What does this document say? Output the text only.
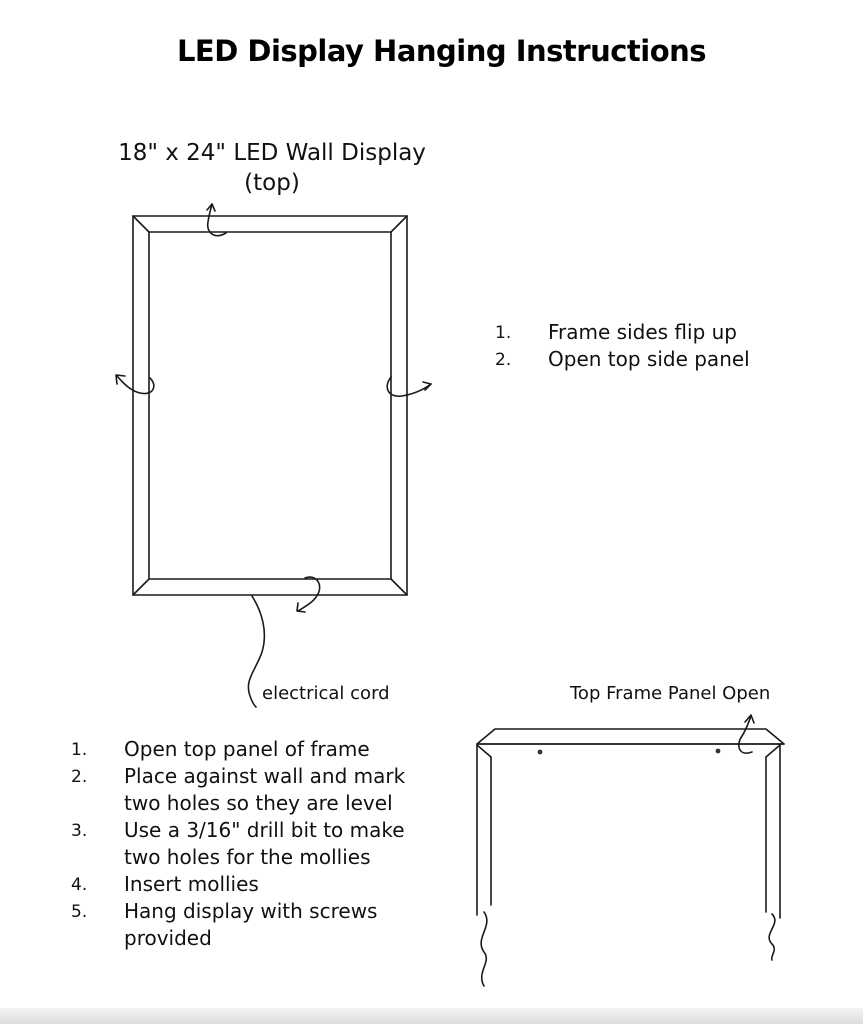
LED Display Hanging Instructions
18" x 24" LED Wall Display
(top)
electrical cord	Top Frame Panel Open
1. Frame sides flip up
2. Open top side panel
1. Open top panel of frame
2. Place against wall and mark
two holes so they are level
3. Use a 3/16" drill bit to make
two holes for the mollies
4. Insert mollies
5. Hang display with screws
provided
